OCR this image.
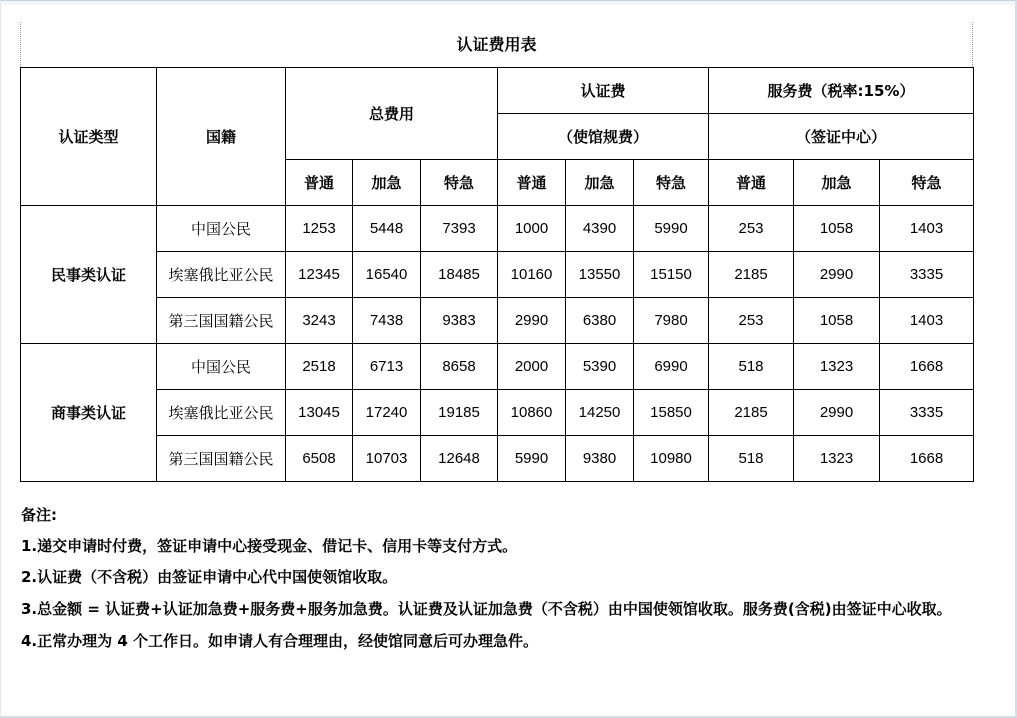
认证费用表
认证类型	国籍	总费用			认证费			服务费（税率:15%）		
					（使馆规费）			（签证中心）		
		普通	加急	特急	普通	加急	特急	普通	加急	特急
民事类认证	中国公民	1253	5448	7393	1000	4390	5990	253	1058	1403
	埃塞俄比亚公民	12345	16540	18485	10160	13550	15150	2185	2990	3335
	第三国国籍公民	3243	7438	9383	2990	6380	7980	253	1058	1403
商事类认证	中国公民	2518	6713	8658	2000	5390	6990	518	1323	1668
	埃塞俄比亚公民	13045	17240	19185	10860	14250	15850	2185	2990	3335
	第三国国籍公民	6508	10703	12648	5990	9380	10980	518	1323	1668

备注:

1.递交申请时付费，签证申请中心接受现金、借记卡、信用卡等支付方式。

2.认证费（不含税）由签证申请中心代中国使领馆收取。

3.总金额 = 认证费+认证加急费+服务费+服务加急费。认证费及认证加急费（不含税）由中国使领馆收取。服务费(含税)由签证中心收取。

4.正常办理为 4 个工作日。如申请人有合理理由，经使馆同意后可办理急件。
